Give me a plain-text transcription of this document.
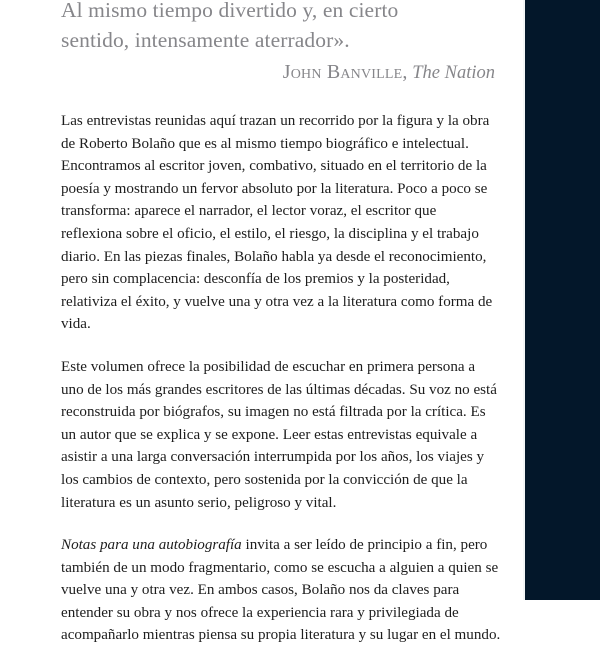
Al mismo tiempo divertido y, en cierto
sentido, intensamente aterrador».
John Banville, The Nation

Las entrevistas reunidas aquí trazan un recorrido por la figura y la obra de Roberto Bolaño que es al mismo tiempo biográfico e intelectual. Encontramos al escritor joven, combativo, situado en el territorio de la poesía y mostrando un fervor absoluto por la literatura. Poco a poco se transforma: aparece el narrador, el lector voraz, el escritor que reflexiona sobre el oficio, el estilo, el riesgo, la disciplina y el trabajo diario. En las piezas finales, Bolaño habla ya desde el reconocimiento, pero sin complacencia: desconfía de los premios y la posteridad, relativiza el éxito, y vuelve una y otra vez a la literatura como forma de vida.

Este volumen ofrece la posibilidad de escuchar en primera persona a uno de los más grandes escritores de las últimas décadas. Su voz no está reconstruida por biógrafos, su imagen no está filtrada por la crítica. Es un autor que se explica y se expone. Leer estas entrevistas equivale a asistir a una larga conversación interrumpida por los años, los viajes y los cambios de contexto, pero sostenida por la convicción de que la literatura es un asunto serio, peligroso y vital.

Notas para una autobiografía invita a ser leído de principio a fin, pero también de un modo fragmentario, como se escucha a alguien a quien se vuelve una y otra vez. En ambos casos, Bolaño nos da claves para entender su obra y nos ofrece la experiencia rara y privilegiada de acompañarlo mientras piensa su propia literatura y su lugar en el mundo.
